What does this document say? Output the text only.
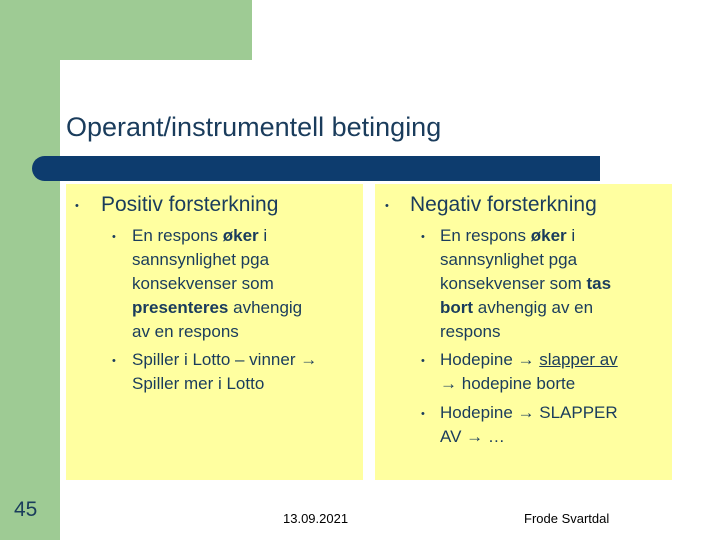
Operant/instrumentell betinging
• Positiv forsterkning
• En respons øker i
sannsynlighet pga
konsekvenser som
presenteres avhengig
av en respons
• Spiller i Lotto – vinner →
Spiller mer i Lotto
• Negativ forsterkning
• En respons øker i
sannsynlighet pga
konsekvenser som tas
bort avhengig av en
respons
• Hodepine → slapper av
→ hodepine borte
• Hodepine → SLAPPER
AV → …
45	13.09.2021	Frode Svartdal
